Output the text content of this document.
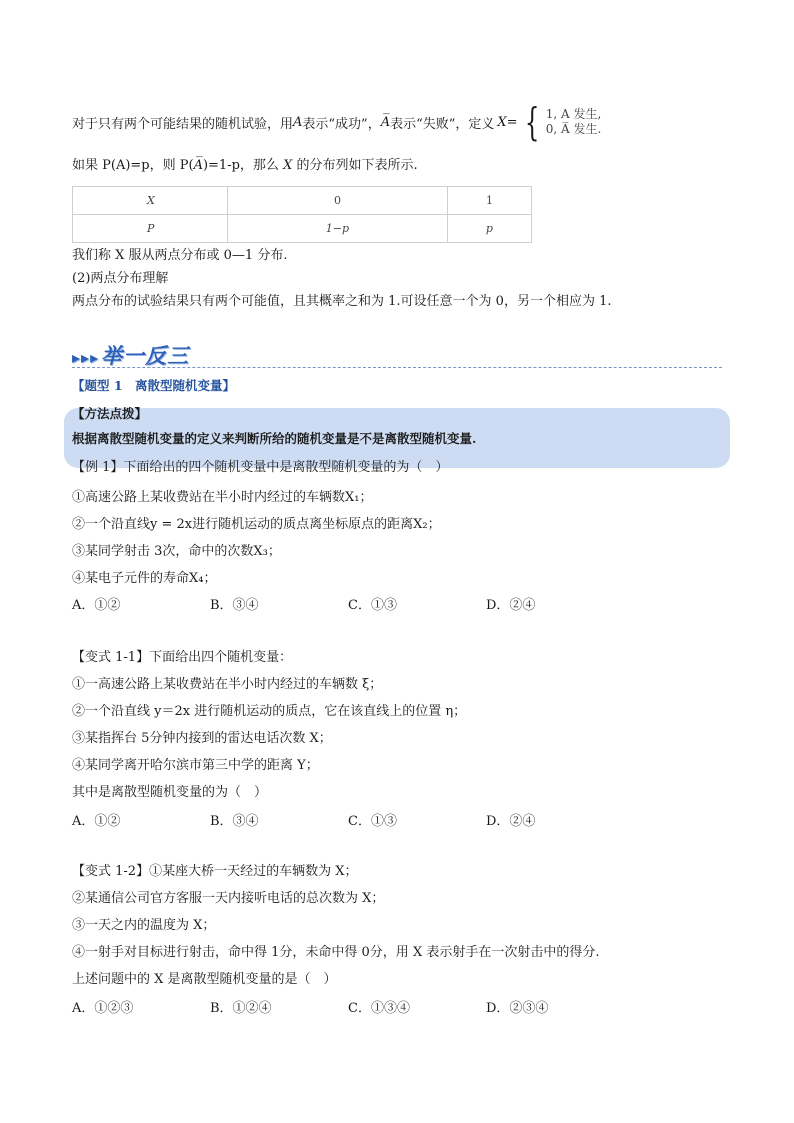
对于只有两个可能结果的随机试验，用 A 表示“成功”， A̅ 表示“失败”，定义 X= { 1, A 发生,
0, A̅ 发生.
如果 P(A)=p，则 P(A̅)=1-p，那么 X 的分布列如下表所示.
X	0	1
P	1−p	p
我们称 X 服从两点分布或 0—1 分布.
(2)两点分布理解
两点分布的试验结果只有两个可能值，且其概率之和为 1.可设任意一个为 0，另一个相应为 1.
▸▸▸举一反三
【题型 1　离散型随机变量】
【方法点拨】
根据离散型随机变量的定义来判断所给的随机变量是不是离散型随机变量.
【例 1】下面给出的四个随机变量中是离散型随机变量的为（　）
①高速公路上某收费站在半小时内经过的车辆数X₁；
②一个沿直线y = 2x进行随机运动的质点离坐标原点的距离X₂；
③某同学射击 3次，命中的次数X₃；
④某电子元件的寿命X₄；
A．①②	B．③④	C．①③	D．②④
【变式 1-1】下面给出四个随机变量：
①一高速公路上某收费站在半小时内经过的车辆数 ξ；
②一个沿直线 y＝2x 进行随机运动的质点，它在该直线上的位置 η；
③某指挥台 5分钟内接到的雷达电话次数 X；
④某同学离开哈尔滨市第三中学的距离 Y；
其中是离散型随机变量的为（　）
A．①②	B．③④	C．①③	D．②④
【变式 1-2】①某座大桥一天经过的车辆数为 X；
②某通信公司官方客服一天内接听电话的总次数为 X；
③一天之内的温度为 X；
④一射手对目标进行射击，命中得 1分，未命中得 0分，用 X 表示射手在一次射击中的得分.
上述问题中的 X 是离散型随机变量的是（　）
A．①②③	B．①②④	C．①③④	D．②③④
